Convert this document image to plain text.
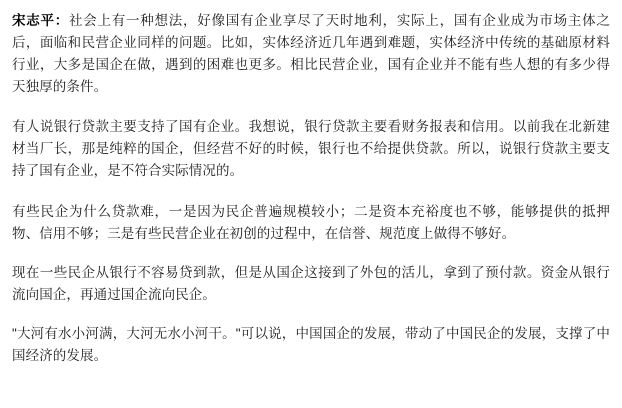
宋志平：社会上有一种想法，好像国有企业享尽了天时地利，实际上，国有企业成为市场主体之后，面临和民营企业同样的问题。比如，实体经济近几年遇到难题，实体经济中传统的基础原材料行业，大多是国企在做，遇到的困难也更多。相比民营企业，国有企业并不能有些人想的有多少得天独厚的条件。

有人说银行贷款主要支持了国有企业。我想说，银行贷款主要看财务报表和信用。以前我在北新建材当厂长，那是纯粹的国企，但经营不好的时候，银行也不给提供贷款。所以，说银行贷款主要支持了国有企业，是不符合实际情况的。

有些民企为什么贷款难，一是因为民企普遍规模较小；二是资本充裕度也不够，能够提供的抵押物、信用不够；三是有些民营企业在初创的过程中，在信誉、规范度上做得不够好。

现在一些民企从银行不容易贷到款，但是从国企这接到了外包的活儿，拿到了预付款。资金从银行流向国企，再通过国企流向民企。

"大河有水小河满，大河无水小河干。"可以说，中国国企的发展，带动了中国民企的发展，支撑了中国经济的发展。
